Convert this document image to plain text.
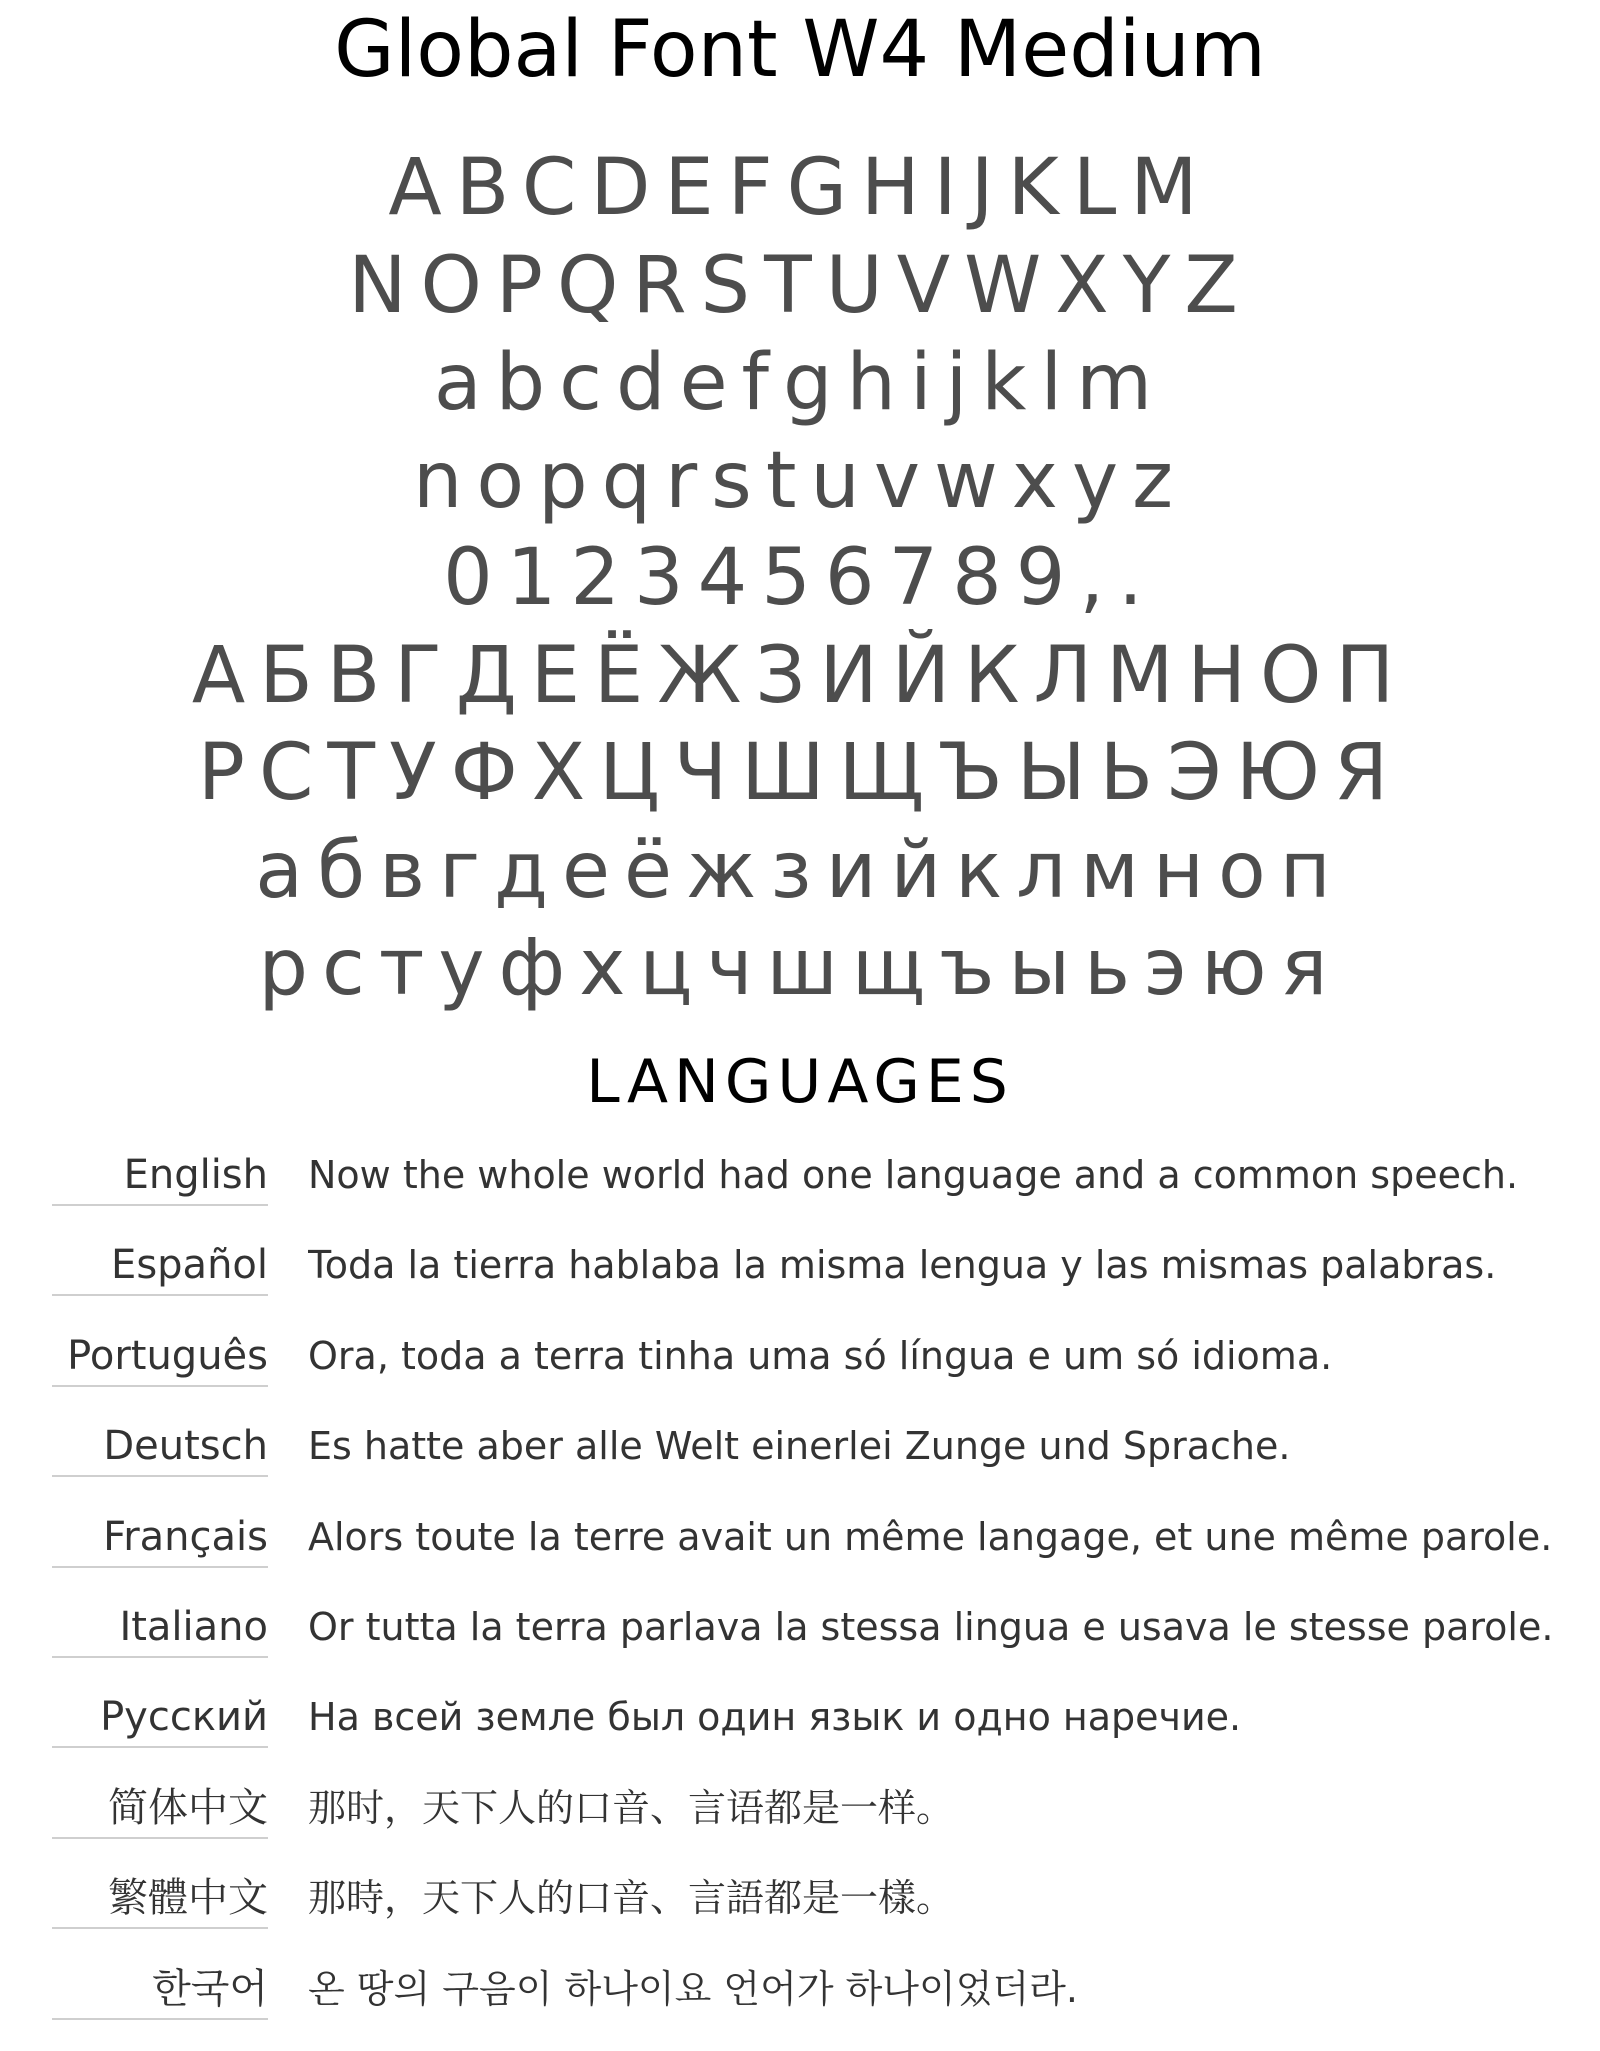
Global Font W4 Medium
ABCDEFGHIJKLM
NOPQRSTUVWXYZ
abcdefghijklm
nopqrstuvwxyz
0123456789,.
АБВГДЕЁЖЗИЙКЛМНОП
РСТУФХЦЧШЩЪЫЬЭЮЯ
абвгдеёжзийклмноп
рстуфхцчшщъыьэюя
LANGUAGES
English Now the whole world had one language and a common speech.
Español Toda la tierra hablaba la misma lengua y las mismas palabras.
Português Ora, toda a terra tinha uma só língua e um só idioma.
Deutsch Es hatte aber alle Welt einerlei Zunge und Sprache.
Français Alors toute la terre avait un même langage, et une même parole.
Italiano Or tutta la terra parlava la stessa lingua e usava le stesse parole.
Русский На всей земле был один язык и одно наречие.
简体中文 那时，天下人的口音、言语都是一样。
繁體中文 那時，天下人的口音、言語都是一樣。
한국어 온 땅의 구음이 하나이요 언어가 하나이었더라.
